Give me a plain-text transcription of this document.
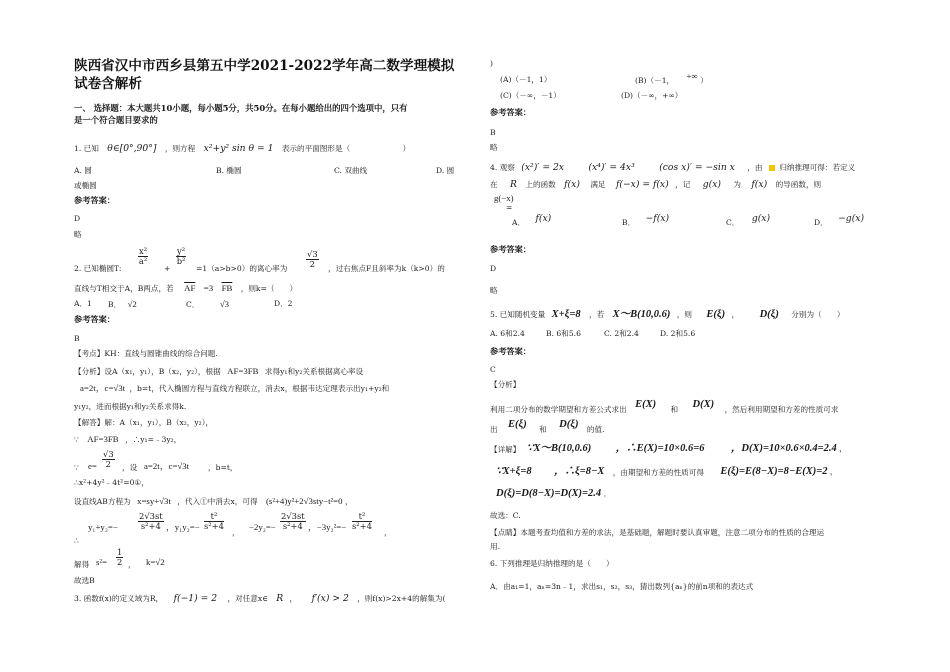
陕西省汉中市西乡县第五中学2021-2022学年高二数学理模拟
试卷含解析
一、 选择题：本大题共10小题，每小题5分，共50分。在每小题给出的四个选项中，只有
是一个符合题目要求的
1. 已知 θ∈[0°,90°] ，则方程 x²+y² sin θ = 1 表示的平面图形是（	）
A. 圆	B. 椭圆	C. 双曲线	D. 圆
或椭圆
参考答案：
D
略
2. 已知椭圆T:
$\frac{\text{x²}}{\text{a²}}$
+
$\frac{\text{y²}}{\text{b²}}$
=1（a>b>0）的离心率为 $\frac{√3}{2}$ ，过右焦点F且斜率为k（k>0）的
直线与T相交于A，B两点，若 $\overline{AF} =3$ $\overline{FB}$ ，则k=（　　）
A．1 B． √2	C． √3	D．2
参考答案：
B
【考点】KH：直线与圆锥曲线的综合问题.
【分析】设A（x₁，y₁），B（x₂，y₂），根据 AF=3FB 求得y₁和y₂关系根据离心率设
a=2t，c=√3t ，b=t，代入椭圆方程与直线方程联立，消去x，根据韦达定理表示出y₁+y₂和
y₁y₂，进而根据y₁和y₂关系求得k.
【解答】解：A（x₁，y₁），B（x₂，y₂），
∵ AF=3FB ，∴y₁=﹣3y₂，
∵ $e= \frac{√3}{2}$ ，设 a=2t，c=√3t ，b=t，
∴x²+4y²﹣4t²=0①，
设直线AB方程为 x=sy+√3t ，代入①中消去x，可得 (s²+4)y²+2√3sty−t²=0 ，
∴
$y_1+y_2=- \frac{2√3st}{\text{s²+4}}$ ，$y_1y_2=- \frac{\text{t²}}{\text{s²+4}}$
，
$-2y_2=- \frac{2√3st}{\text{s²+4}}$ ，$-3y_2^2=- \frac{\text{t²}}{\text{s²+4}}$
，
解得 $s^2= \frac{1}{2}$ ， k=√2
故选B
3. 函数f(x)的定义域为R， f(−1) = 2 ，对任意x∈ R ， f′(x) > 2 ，则f(x)>2x+4的解集为(
)
(A)（－1，1）	(B)（－1， +∞ ）
(C)（－∞，－1）	(D)（－∞，+∞）
参考答案：
B
略
4. 观察 (x²)′ = 2x	(x⁴)′ = 4x³	(cos x)′ = −sin x ，由 归纳推理可得：若定义
在 R 上的函数 f(x) 满足 f(−x) = f(x) ，记 g(x) 为 f(x) 的导函数，则
g(−x)
=
A． f(x)	B． −f(x)	C． g(x)	D． −g(x)
参考答案：
D
略
5. 已知随机变量 X+ξ=8 ，若 X～B(10,0.6) ，则 E(ξ) ， D(ξ) 分别为（　　）
A. 6和2.4	B. 6和5.6	C. 2和2.4	D. 2和5.6
参考答案：
C
【分析】
利用二项分布的数学期望和方差公式求出 E(X) 和 D(X) ，然后利用期望和方差的性质可求
出 E(ξ) 和 D(ξ) 的值.
【详解】 ∵X～B(10,0.6) ，∴E(X)=10×0.6=6	，D(X)=10×0.6×0.4=2.4 ，
∵X+ξ=8 ，∴ξ=8−X ，由期望和方差的性质可得 E(ξ)=E(8−X)=8−E(X)=2 ，
D(ξ)=D(8−X)=D(X)=2.4 ．
故选：C.
【点睛】本题考查均值和方差的求法，是基础题，解题时要认真审题，注意二项分布的性质的合理运
用.
6. 下列推理是归纳推理的是（　　）
A．由a₁=1，aₙ=3n﹣1，求出s₁，s₂，s₃，猜出数列{aₙ}的前n项和的表达式
